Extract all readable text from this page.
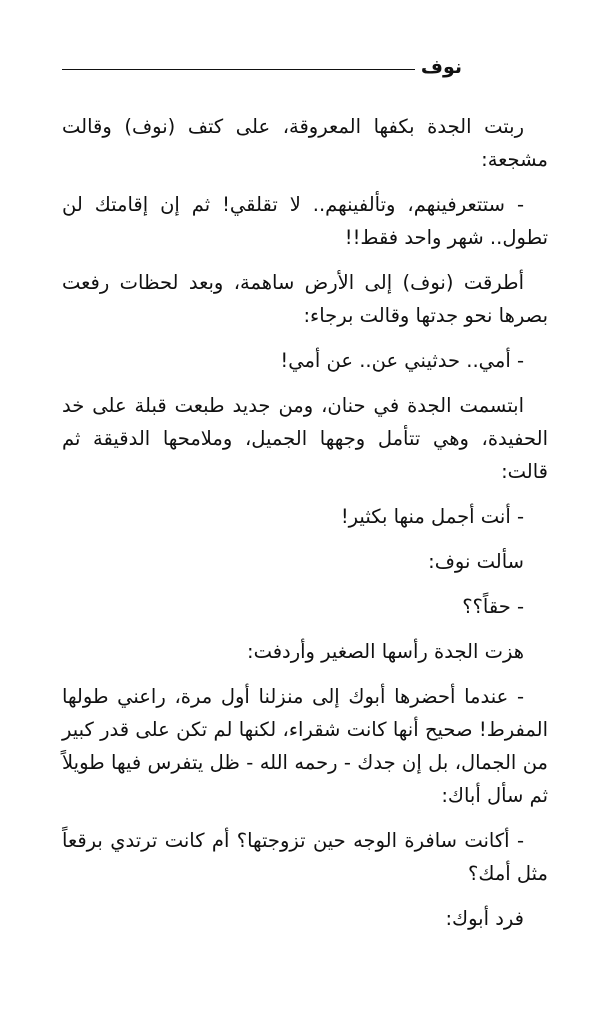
نوف

ربتت الجدة بكفها المعروقة، على كتف (نوف) وقالت مشجعة:

- ستتعرفينهم، وتألفينهم.. لا تقلقي! ثم إن إقامتك لن تطول.. شهر واحد فقط!!

أطرقت (نوف) إلى الأرض ساهمة، وبعد لحظات رفعت بصرها نحو جدتها وقالت برجاء:

- أمي.. حدثيني عن.. عن أمي!

ابتسمت الجدة في حنان، ومن جديد طبعت قبلة على خد الحفيدة، وهي تتأمل وجهها الجميل، وملامحها الدقيقة ثم قالت:

- أنت أجمل منها بكثير!

سألت نوف:

- حقاً؟؟

هزت الجدة رأسها الصغير وأردفت:

- عندما أحضرها أبوك إلى منزلنا أول مرة، راعني طولها المفرط! صحيح أنها كانت شقراء، لكنها لم تكن على قدر كبير من الجمال، بل إن جدك - رحمه الله - ظل يتفرس فيها طويلاً ثم سأل أباك:

- أكانت سافرة الوجه حين تزوجتها؟ أم كانت ترتدي برقعاً مثل أمك؟

فرد أبوك:
